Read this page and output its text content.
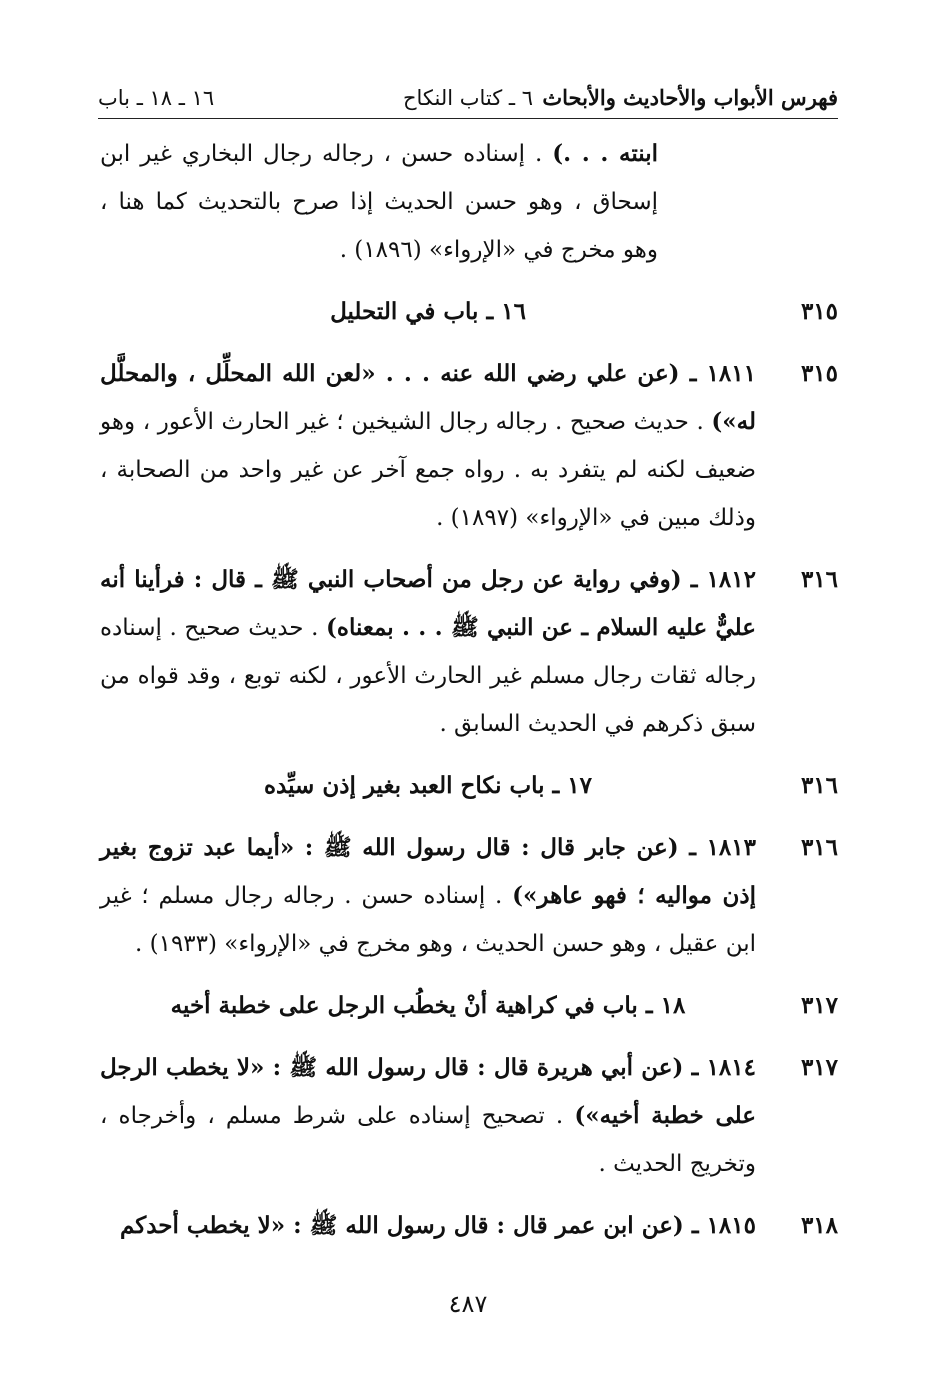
فهرس الأبواب والأحاديث والأبحاث
٦ ـ كتاب النكاح
١٦ ـ ١٨ ـ باب
ابنته . . .) . إسناده حسن ، رجاله رجال البخاري غير ابن إسحاق ، وهو حسن الحديث إذا صرح بالتحديث كما هنا ، وهو مخرج في «الإرواء» (١٨٩٦) .
٣١٥
١٦ ـ باب في التحليل
٣١٥
١٨١١ ـ (عن علي رضي الله عنه . . . «لعن الله المحلِّل ، والمحلَّل له») . حديث صحيح . رجاله رجال الشيخين ؛ غير الحارث الأعور ، وهو ضعيف لكنه لم يتفرد به . رواه جمع آخر عن غير واحد من الصحابة ، وذلك مبين في «الإرواء» (١٨٩٧) .
٣١٦
١٨١٢ ـ (وفي رواية عن رجل من أصحاب النبي ﷺ ـ قال : فرأينا أنه عليٌّ عليه السلام ـ عن النبي ﷺ . . . بمعناه) . حديث صحيح . إسناده رجاله ثقات رجال مسلم غير الحارث الأعور ، لكنه توبع ، وقد قواه من سبق ذكرهم في الحديث السابق .
٣١٦
١٧ ـ باب نكاح العبد بغير إذن سيِّده
٣١٦
١٨١٣ ـ (عن جابر قال : قال رسول الله ﷺ : «أيما عبد تزوج بغير إذن مواليه ؛ فهو عاهر») . إسناده حسن . رجاله رجال مسلم ؛ غير ابن عقيل ، وهو حسن الحديث ، وهو مخرج في «الإرواء» (١٩٣٣) .
٣١٧
١٨ ـ باب في كراهية أنْ يخطُب الرجل على خطبة أخيه
٣١٧
١٨١٤ ـ (عن أبي هريرة قال : قال رسول الله ﷺ : «لا يخطب الرجل على خطبة أخيه») . تصحيح إسناده على شرط مسلم ، وأخرجاه ، وتخريج الحديث .
٣١٨
١٨١٥ ـ (عن ابن عمر قال : قال رسول الله ﷺ : «لا يخطب أحدكم
٤٨٧
